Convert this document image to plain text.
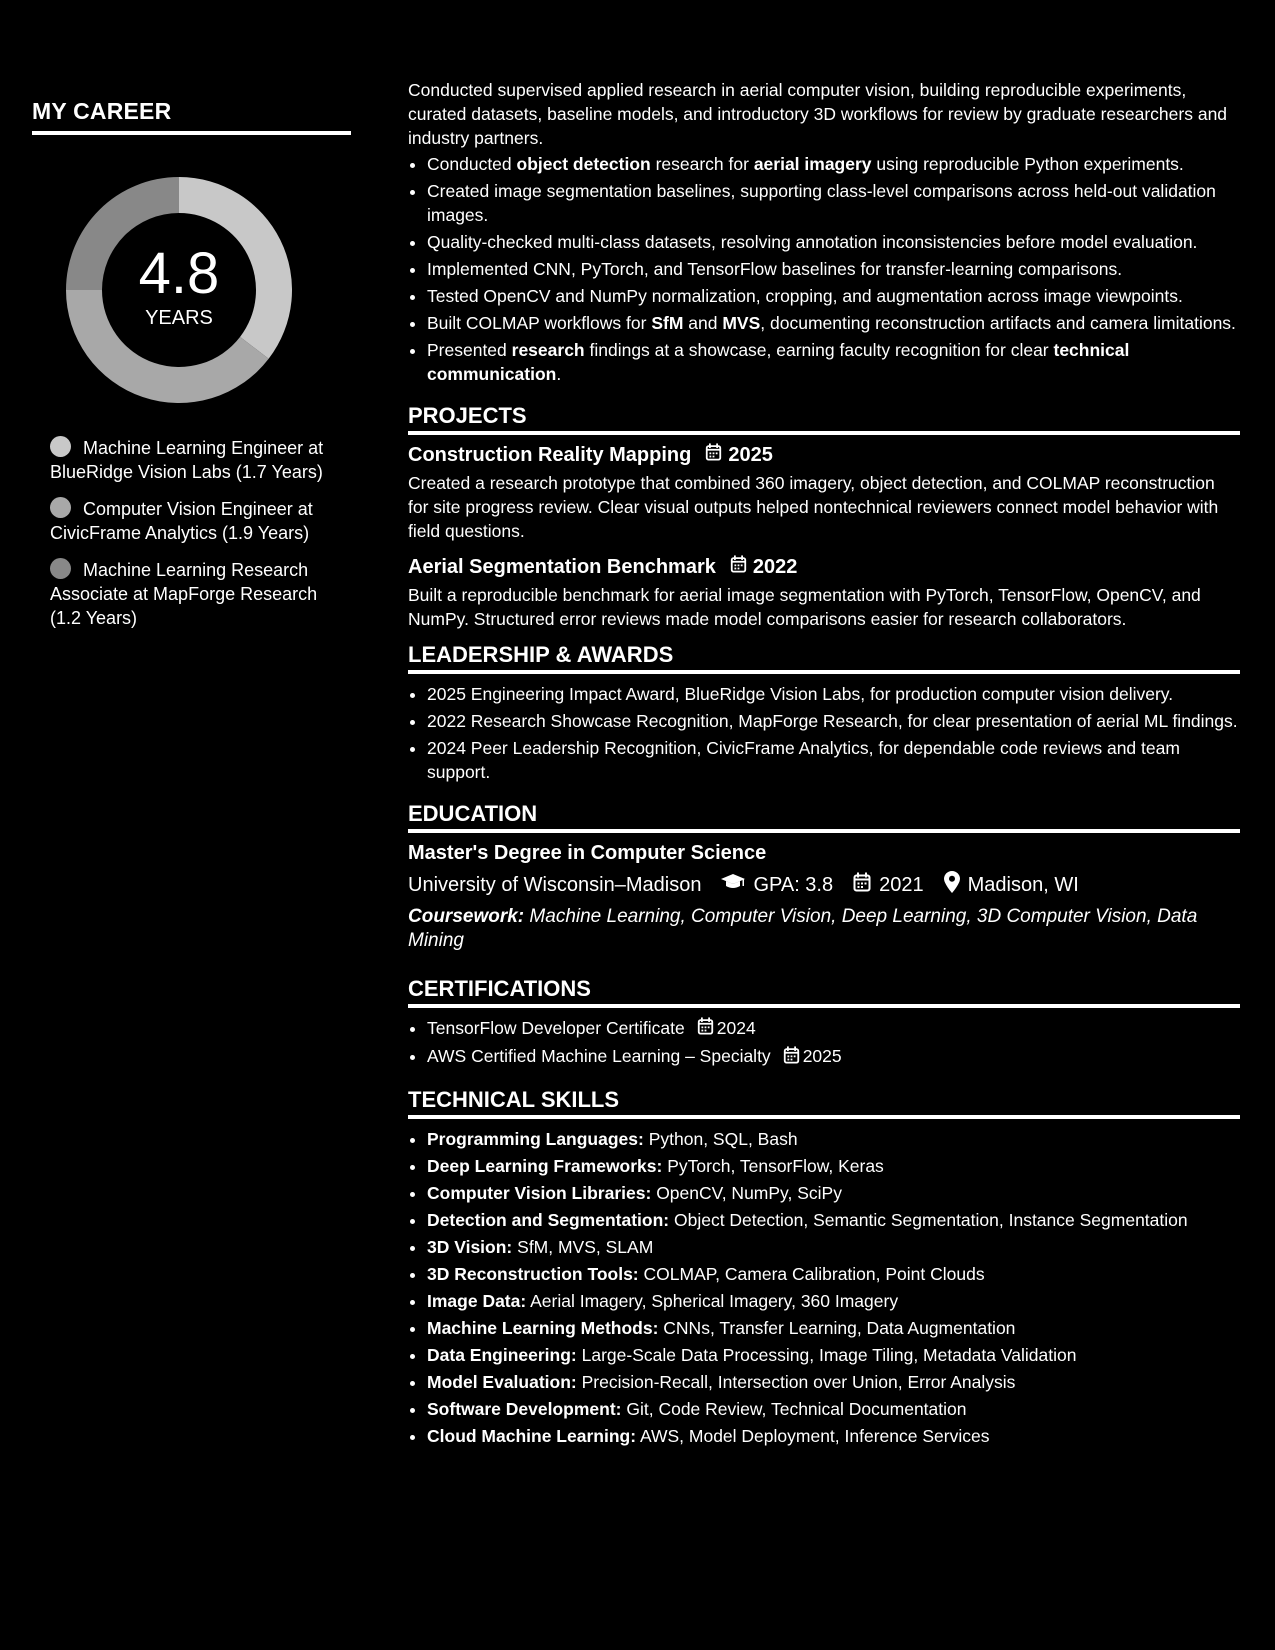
MY CAREER
4.8
YEARS
Machine Learning Engineer at BlueRidge Vision Labs (1.7 Years)
Computer Vision Engineer at CivicFrame Analytics (1.9 Years)
Machine Learning Research Associate at MapForge Research (1.2 Years)

Conducted supervised applied research in aerial computer vision, building reproducible experiments, curated datasets, baseline models, and introductory 3D workflows for review by graduate researchers and industry partners.

• Conducted object detection research for aerial imagery using reproducible Python experiments.
• Created image segmentation baselines, supporting class-level comparisons across held-out validation images.
• Quality-checked multi-class datasets, resolving annotation inconsistencies before model evaluation.
• Implemented CNN, PyTorch, and TensorFlow baselines for transfer-learning comparisons.
• Tested OpenCV and NumPy normalization, cropping, and augmentation across image viewpoints.
• Built COLMAP workflows for SfM and MVS, documenting reconstruction artifacts and camera limitations.
• Presented research findings at a showcase, earning faculty recognition for clear technical communication.
PROJECTS
Construction Reality Mapping 2025
Created a research prototype that combined 360 imagery, object detection, and COLMAP reconstruction for site progress review. Clear visual outputs helped nontechnical reviewers connect model behavior with field questions.
Aerial Segmentation Benchmark 2022
Built a reproducible benchmark for aerial image segmentation with PyTorch, TensorFlow, OpenCV, and NumPy. Structured error reviews made model comparisons easier for research collaborators.
LEADERSHIP & AWARDS
• 2025 Engineering Impact Award, BlueRidge Vision Labs, for production computer vision delivery.
• 2022 Research Showcase Recognition, MapForge Research, for clear presentation of aerial ML findings.
• 2024 Peer Leadership Recognition, CivicFrame Analytics, for dependable code reviews and team support.
EDUCATION
Master's Degree in Computer Science
University of Wisconsin–Madison	GPA: 3.8 2021 Madison, WI
Coursework: Machine Learning, Computer Vision, Deep Learning, 3D Computer Vision, Data Mining
CERTIFICATIONS
• TensorFlow Developer Certificate 2024
• AWS Certified Machine Learning – Specialty 2025
TECHNICAL SKILLS
• Programming Languages: Python, SQL, Bash
• Deep Learning Frameworks: PyTorch, TensorFlow, Keras
• Computer Vision Libraries: OpenCV, NumPy, SciPy
• Detection and Segmentation: Object Detection, Semantic Segmentation, Instance Segmentation
• 3D Vision: SfM, MVS, SLAM
• 3D Reconstruction Tools: COLMAP, Camera Calibration, Point Clouds
• Image Data: Aerial Imagery, Spherical Imagery, 360 Imagery
• Machine Learning Methods: CNNs, Transfer Learning, Data Augmentation
• Data Engineering: Large-Scale Data Processing, Image Tiling, Metadata Validation
• Model Evaluation: Precision-Recall, Intersection over Union, Error Analysis
• Software Development: Git, Code Review, Technical Documentation
• Cloud Machine Learning: AWS, Model Deployment, Inference Services
